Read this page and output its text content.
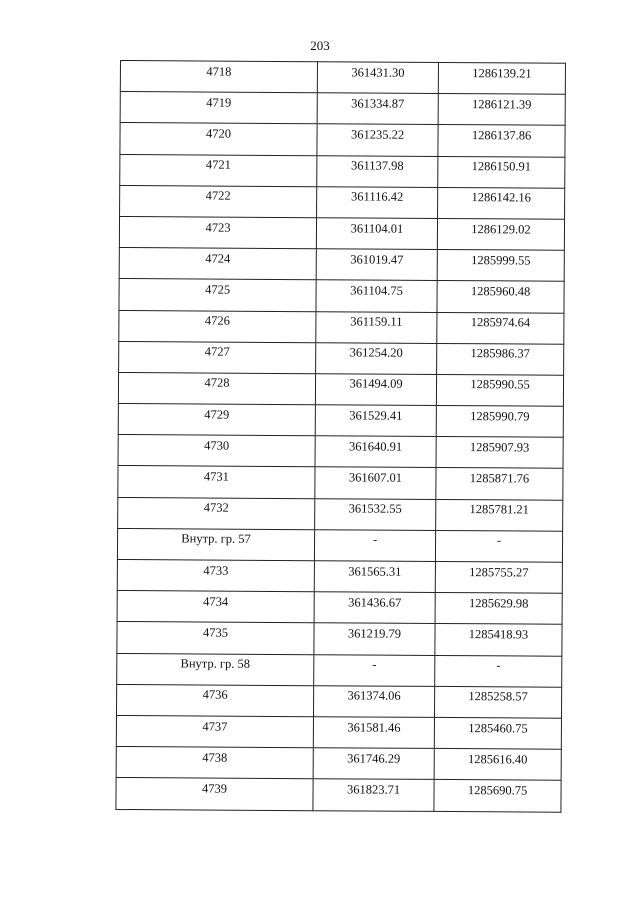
203
4718	361431.30	1286139.21
4719	361334.87	1286121.39
4720	361235.22	1286137.86
4721	361137.98	1286150.91
4722	361116.42	1286142.16
4723	361104.01	1286129.02
4724	361019.47	1285999.55
4725	361104.75	1285960.48
4726	361159.11	1285974.64
4727	361254.20	1285986.37
4728	361494.09	1285990.55
4729	361529.41	1285990.79
4730	361640.91	1285907.93
4731	361607.01	1285871.76
4732	361532.55	1285781.21
Внутр. гр. 57	-	-
4733	361565.31	1285755.27
4734	361436.67	1285629.98
4735	361219.79	1285418.93
Внутр. гр. 58	-	-
4736	361374.06	1285258.57
4737	361581.46	1285460.75
4738	361746.29	1285616.40
4739	361823.71	1285690.75
